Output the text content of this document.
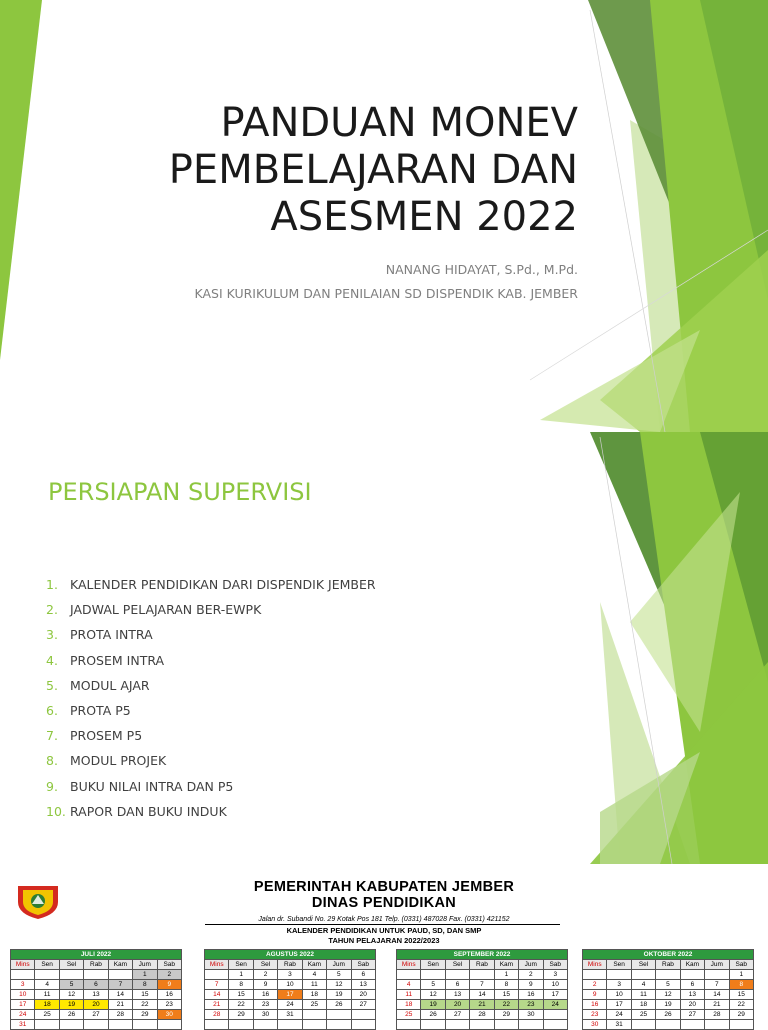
PANDUAN MONEV
PEMBELAJARAN DAN
ASESMEN 2022
NANANG HIDAYAT, S.Pd., M.Pd.
KASI KURIKULUM DAN PENILAIAN SD DISPENDIK KAB. JEMBER
PERSIAPAN SUPERVISI
1. KALENDER PENDIDIKAN DARI DISPENDIK JEMBER
2. JADWAL PELAJARAN BER-EWPK
3. PROTA INTRA
4. PROSEM INTRA
5. MODUL AJAR
6. PROTA P5
7. PROSEM P5
8. MODUL PROJEK
9. BUKU NILAI INTRA DAN P5
10. RAPOR DAN BUKU INDUK
PEMERINTAH KABUPATEN JEMBER
DINAS PENDIDIKAN
Jalan dr. Subandi No. 29 Kotak Pos 181 Telp. (0331) 487028 Fax. (0331) 421152
KALENDER PENDIDIKAN UNTUK PAUD, SD, DAN SMP
TAHUN PELAJARAN 2022/2023
JULI 2022						
Mins	Sen	Sel	Rab	Kam	Jum	Sab
					1	2
3	4	5	6	7	8	9
10	11	12	13	14	15	16
17	18	19	20	21	22	23
24	25	26	27	28	29	30
31						
AGUSTUS 2022						
Mins	Sen	Sel	Rab	Kam	Jum	Sab
	1	2	3	4	5	6
7	8	9	10	11	12	13
14	15	16	17	18	19	20
21	22	23	24	25	26	27
28	29	30	31			

SEPTEMBER 2022						
Mins	Sen	Sel	Rab	Kam	Jum	Sab
				1	2	3
4	5	6	7	8	9	10
11	12	13	14	15	16	17
18	19	20	21	22	23	24
25	26	27	28	29	30	

OKTOBER 2022						
Mins	Sen	Sel	Rab	Kam	Jum	Sab
						1
2	3	4	5	6	7	8
9	10	11	12	13	14	15
16	17	18	19	20	21	22
23	24	25	26	27	28	29
30	31					
